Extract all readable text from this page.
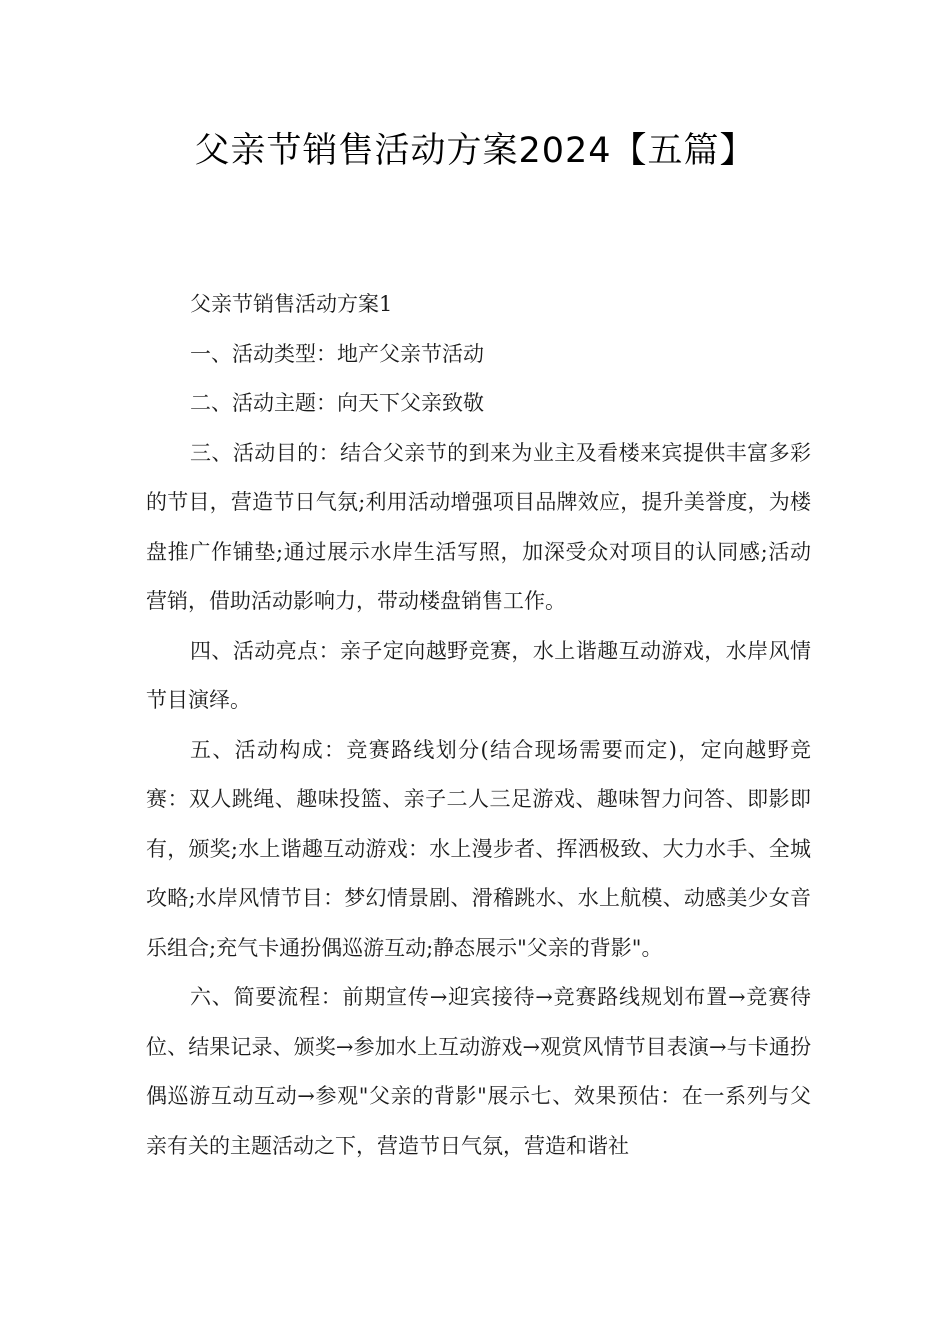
父亲节销售活动方案2024【五篇】

父亲节销售活动方案1

一、活动类型：地产父亲节活动

二、活动主题：向天下父亲致敬

三、活动目的：结合父亲节的到来为业主及看楼来宾提供丰富多彩的节目，营造节日气氛;利用活动增强项目品牌效应，提升美誉度，为楼盘推广作铺垫;通过展示水岸生活写照，加深受众对项目的认同感;活动营销，借助活动影响力，带动楼盘销售工作。

四、活动亮点：亲子定向越野竞赛，水上谐趣互动游戏，水岸风情节目演绎。

五、活动构成：竞赛路线划分(结合现场需要而定)，定向越野竞赛：双人跳绳、趣味投篮、亲子二人三足游戏、趣味智力问答、即影即有，颁奖;水上谐趣互动游戏：水上漫步者、挥洒极致、大力水手、全城攻略;水岸风情节目：梦幻情景剧、滑稽跳水、水上航模、动感美少女音乐组合;充气卡通扮偶巡游互动;静态展示"父亲的背影"。

六、简要流程：前期宣传→迎宾接待→竞赛路线规划布置→竞赛待位、结果记录、颁奖→参加水上互动游戏→观赏风情节目表演→与卡通扮偶巡游互动互动→参观"父亲的背影"展示七、效果预估：在一系列与父亲有关的主题活动之下，营造节日气氛，营造和谐社
